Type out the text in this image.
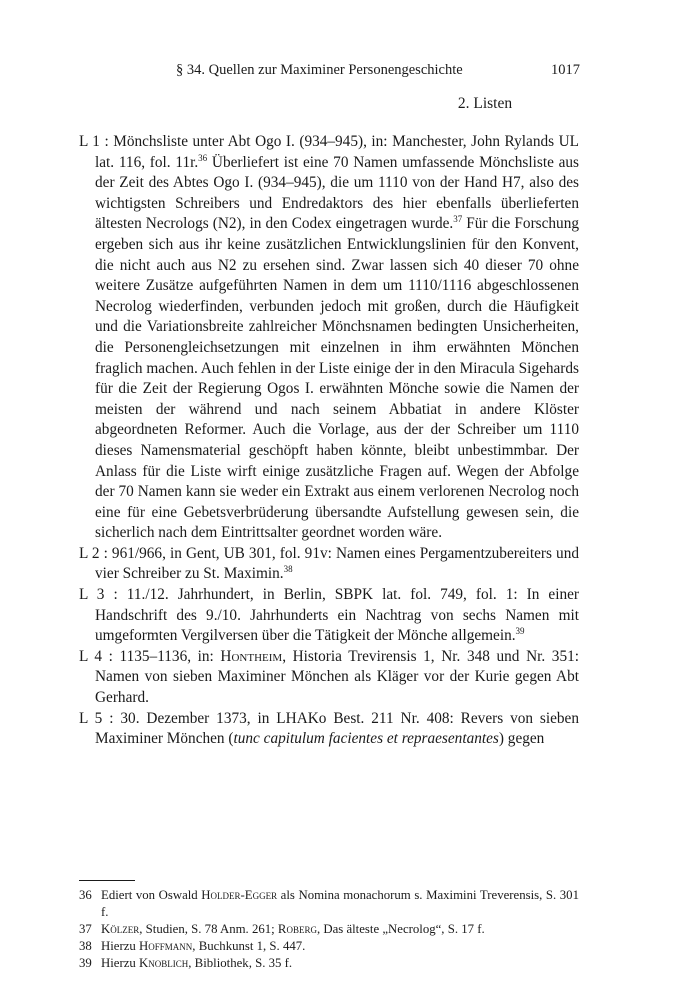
§ 34. Quellen zur Maximiner Personengeschichte	1017
2. Listen

L 1 : Mönchsliste unter Abt Ogo I. (934–945), in: Manchester, John Rylands UL lat. 116, fol. 11r.$^{36}$ Überliefert ist eine 70 Namen umfassende Mönchsliste aus der Zeit des Abtes Ogo I. (934–945), die um 1110 von der Hand H7, also des wichtigsten Schreibers und Endredaktors des hier ebenfalls überlieferten ältesten Necrologs (N2), in den Codex eingetragen wurde.$^{37}$ Für die Forschung ergeben sich aus ihr keine zusätzlichen Entwicklungslinien für den Konvent, die nicht auch aus N2 zu ersehen sind. Zwar lassen sich 40 dieser 70 ohne weitere Zusätze aufgeführten Namen in dem um 1110/1116 abgeschlossenen Necrolog wiederfinden, verbunden jedoch mit großen, durch die Häufigkeit und die Variationsbreite zahlreicher Mönchsnamen bedingten Unsicherheiten, die Personengleichsetzungen mit einzelnen in ihm erwähnten Mönchen fraglich machen. Auch fehlen in der Liste einige der in den Miracula Sigehards für die Zeit der Regierung Ogos I. erwähnten Mönche sowie die Namen der meisten der während und nach seinem Abbatiat in andere Klöster abgeordneten Reformer. Auch die Vorlage, aus der der Schreiber um 1110 dieses Namensmaterial geschöpft haben könnte, bleibt unbestimmbar. Der Anlass für die Liste wirft einige zusätzliche Fragen auf. Wegen der Abfolge der 70 Namen kann sie weder ein Extrakt aus einem verlorenen Necrolog noch eine für eine Gebetsverbrüderung übersandte Aufstellung gewesen sein, die sicherlich nach dem Eintrittsalter geordnet worden wäre.

L 2 : 961/966, in Gent, UB 301, fol. 91v: Namen eines Pergamentzubereiters und vier Schreiber zu St. Maximin.$^{38}$

L 3 : 11./12. Jahrhundert, in Berlin, SBPK lat. fol. 749, fol. 1: In einer Handschrift des 9./10. Jahrhunderts ein Nachtrag von sechs Namen mit umgeformten Vergilversen über die Tätigkeit der Mönche allgemein.$^{39}$

L 4 : 1135–1136, in: Hontheim, Historia Trevirensis 1, Nr. 348 und Nr. 351: Namen von sieben Maximiner Mönchen als Kläger vor der Kurie gegen Abt Gerhard.

L 5 : 30. Dezember 1373, in LHAKo Best. 211 Nr. 408: Revers von sieben Maximiner Mönchen (tunc capitulum facientes et repraesentantes) gegen

36 Ediert von Oswald Holder-Egger als Nomina monachorum s. Maximini Treverensis, S. 301 f.

37 Kölzer, Studien, S. 78 Anm. 261; Roberg, Das älteste „Necrolog“, S. 17 f.

38 Hierzu Hoffmann, Buchkunst 1, S. 447.

39 Hierzu Knoblich, Bibliothek, S. 35 f.
